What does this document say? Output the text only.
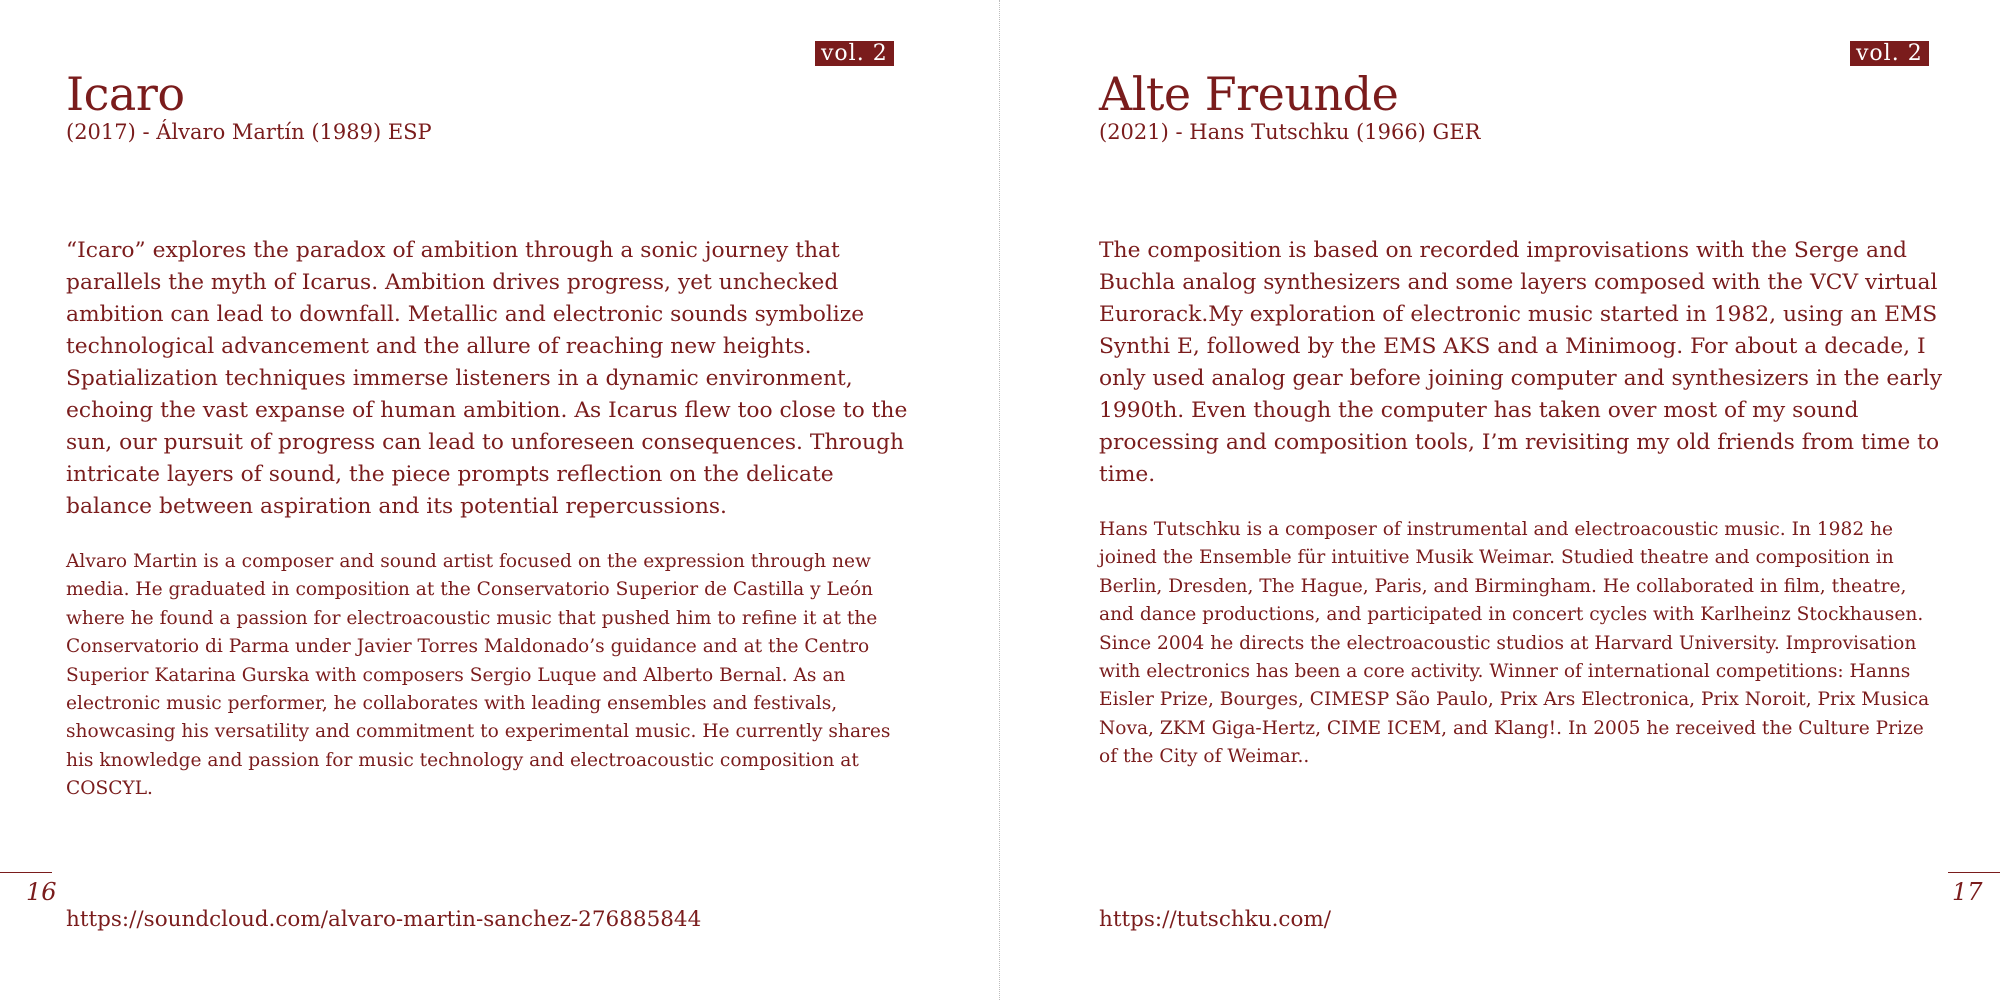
vol. 2
Icaro
(2017) - Álvaro Martín (1989) ESP

“Icaro” explores the paradox of ambition through a sonic journey that parallels the myth of Icarus. Ambition drives progress, yet unchecked ambition can lead to downfall. Metallic and electronic sounds symbolize technological advancement and the allure of reaching new heights. Spatialization techniques immerse listeners in a dynamic environment, echoing the vast expanse of human ambition. As Icarus flew too close to the sun, our pursuit of progress can lead to unforeseen consequences. Through intricate layers of sound, the piece prompts reflection on the delicate balance between aspiration and its potential repercussions.

Alvaro Martin is a composer and sound artist focused on the expression through new media. He graduated in composition at the Conservatorio Superior de Castilla y León where he found a passion for electroacoustic music that pushed him to refine it at the Conservatorio di Parma under Javier Torres Maldonado’s guidance and at the Centro Superior Katarina Gurska with composers Sergio Luque and Alberto Bernal. As an electronic music performer, he collaborates with leading ensembles and festivals, showcasing his versatility and commitment to experimental music. He currently shares his knowledge and passion for music technology and electroacoustic composition at COSCYL.

16
https://soundcloud.com/alvaro-martin-sanchez-276885844
vol. 2
Alte Freunde
(2021) - Hans Tutschku (1966) GER

The composition is based on recorded improvisations with the Serge and Buchla analog synthesizers and some layers composed with the VCV virtual Eurorack.My exploration of electronic music started in 1982, using an EMS Synthi E, followed by the EMS AKS and a Minimoog. For about a decade, I only used analog gear before joining computer and synthesizers in the early 1990th. Even though the computer has taken over most of my sound processing and composition tools, I’m revisiting my old friends from time to time.

Hans Tutschku is a composer of instrumental and electroacoustic music. In 1982 he joined the Ensemble für intuitive Musik Weimar. Studied theatre and composition in Berlin, Dresden, The Hague, Paris, and Birmingham. He collaborated in film, theatre, and dance productions, and participated in concert cycles with Karlheinz Stockhausen. Since 2004 he directs the electroacoustic studios at Harvard University. Improvisation with electronics has been a core activity. Winner of international competitions: Hanns Eisler Prize, Bourges, CIMESP São Paulo, Prix Ars Electronica, Prix Noroit, Prix Musica Nova, ZKM Giga-Hertz, CIME ICEM, and Klang!. In 2005 he received the Culture Prize of the City of Weimar..

17
https://tutschku.com/
